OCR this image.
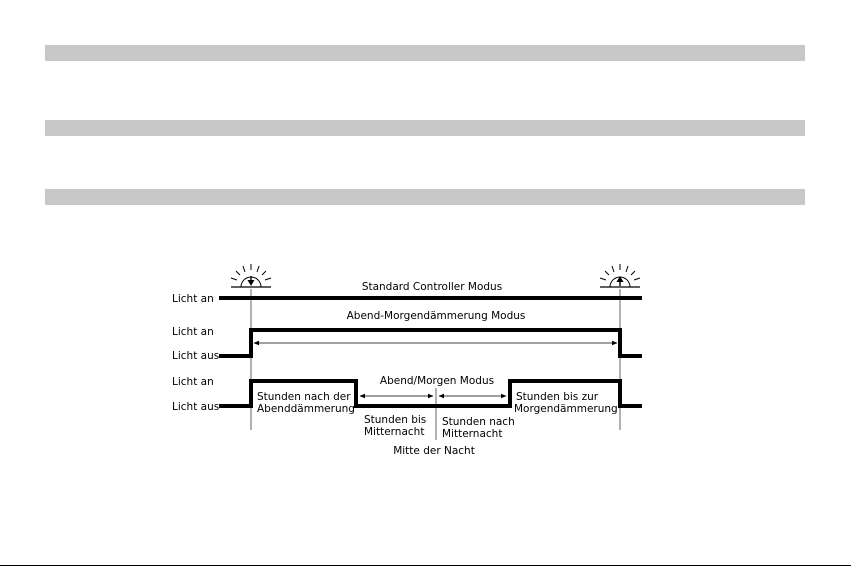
Licht an
Standard Controller Modus
Licht an
Licht aus
Abend-Morgendämmerung Modus
Licht an
Licht aus
Abend/Morgen Modus
Stunden nach der
Abenddämmerung
Stunden bis
Mitternacht
Stunden nach
Mitternacht
Stunden bis zur
Morgendämmerung
Mitte der Nacht
